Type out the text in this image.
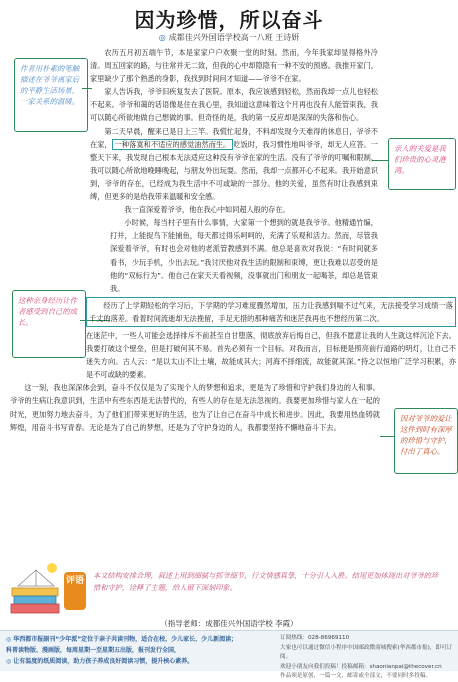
因为珍惜，所以奋斗
◎ 成都佳兴外国语学校高一八班 王诗妍
作者用朴素的笔触描述在爷爷离家后的平静生活场景，一家关系的温暖。
亲人的关爱是我们珍贵的心灵港湾。
这种亲身经历让作者感受到自己的成长。
因对爷爷的爱让这件到时有深厚的珍惜与守护，付出了真心。

农历五月初五端午节，本是家家户户欢聚一堂的时刻。然而，今年我家却显得格外冷清。周五回家的路，与往常并无二致，但我的心中却隐隐有一种不安的预感。我推开家门，家里缺少了那个熟悉的身影，我找到时间问才知道——爷爷不在家。

家人告诉我，爷爷旧疾复发去了医院。原本，我应该感到轻松，然而我却一点儿也轻松不起来。爷爷和蔼的话语像是住在我心里，我知道这意味着这个月再也没有人能管束我，我可以随心所欲地做自己想做的事。但奇怪的是，我的第一反应却是深深的失落和伤心。

第二天早晨，醒来已是日上三竿。我慌忙起身，不料却发现今天难得的休息日，爷爷不在家， 一种落寞和不适应的感觉油然而生。 吃饭时，我习惯性地叫爷爷，却无人应答。一整天下来，我发现自己根本无法适应这种没有爷爷在家的生活。没有了爷爷的叮嘱和限制，我可以随心所欲地晚睡晚起，与朋友外出玩耍。然而，我却一点都开心不起来。我开始意识到，爷爷的存在，已经成为我生活中不可或缺的一部分。他的关爱，虽然有时让我感到束缚，但更多的是给我带来温暖和安全感。

我一直深爱着爷爷，他在我心中如同超人般的存在。

小时候，每当村子里有什么事情，大家第一个想到的就是我爷爷。他精通竹编，打井，上能捉鸟下能捕鱼，每天都过得乐呵呵的，充满了乐观和活力。然而，尽管我深爱着爷爷，有时也会对他的老派管教感到不满。他总是喜欢对我说：“有时间就多看书，少玩手机，少出去玩。”我讨厌他对我生活的限制和束缚，更让我难以忍受的是他的“双标行为”。他自己在家天天看视频，没事就出门和朋友一起喝茶，却总是管束我。

经历了上学期轻松的学习后，下学期的学习难度骤然增加，压力让我感到喘不过气来，无法接受学习成绩一落千丈的落差。看着时间流逝却无法挽留，手足无措的那种痛苦和迷茫我再也不想经历第二次。
在迷茫中，一些人可能会选择排斥不前甚至自甘堕落，彻底放弃后悔自己，但我不愿意让我的人生就这样沉沦下去。我要打破这个壁垒，但是打破何其不易。首先必须有一个目标。对我而言，目标便是照亮前行道路的明灯，让自己不迷失方向。古人云：“是以太山不让土壤，故能成其大；河海不择细流，故能就其深。”持之以恒地广泛学习积累，亦是不可或缺的要素。

这一刻，我也深深体会到，奋斗不仅仅是为了实现个人的梦想和追求，更是为了珍惜和守护我们身边的人和事。爷爷的生病让我意识到，生活中有些东西是无法替代的，有些人的存在是无法忽视的。我要更加珍惜与家人在一起的时光，更加努力地去奋斗，为了他们们带来更好的生活，也为了让自己在奋斗中成长和进步。因此，我要用热血铸就辉煌，用奋斗书写青春。无论是为了自己的梦想，还是为了守护身边的人，我都要坚持不懈地奋斗下去。

评语
本文结构安排合理，叙述上用到细腻与抓爷细节，行文情感真挚，十分引人入胜。结尾更加体现出对爷爷的珍惜和守护，诠释了主题，给人留下深刻印象。
（指导老师：成都佳兴外国语学校 李霞）
◎ 华西都市报副刊“少年派”定位于亲子共读刊物，适合在校、少儿家长、少儿新阅读；
科普读物版、漫画版，每周星期一至星期五出版，报刊发行全国，
◎ 让有温度的纸质阅读，助力孩子养成良好阅读习惯，提升核心素养。
订阅热线：028-86969110
大家也可以通过微信小程序中国邮政微商城搜索(华西都市报)，即可订阅。
欢迎小朋友向我们投稿！投稿邮箱：shaonianpai@thecover.cn
作品须是原创，一篇一文，邮寄或全部文，不要同时多投稿。
